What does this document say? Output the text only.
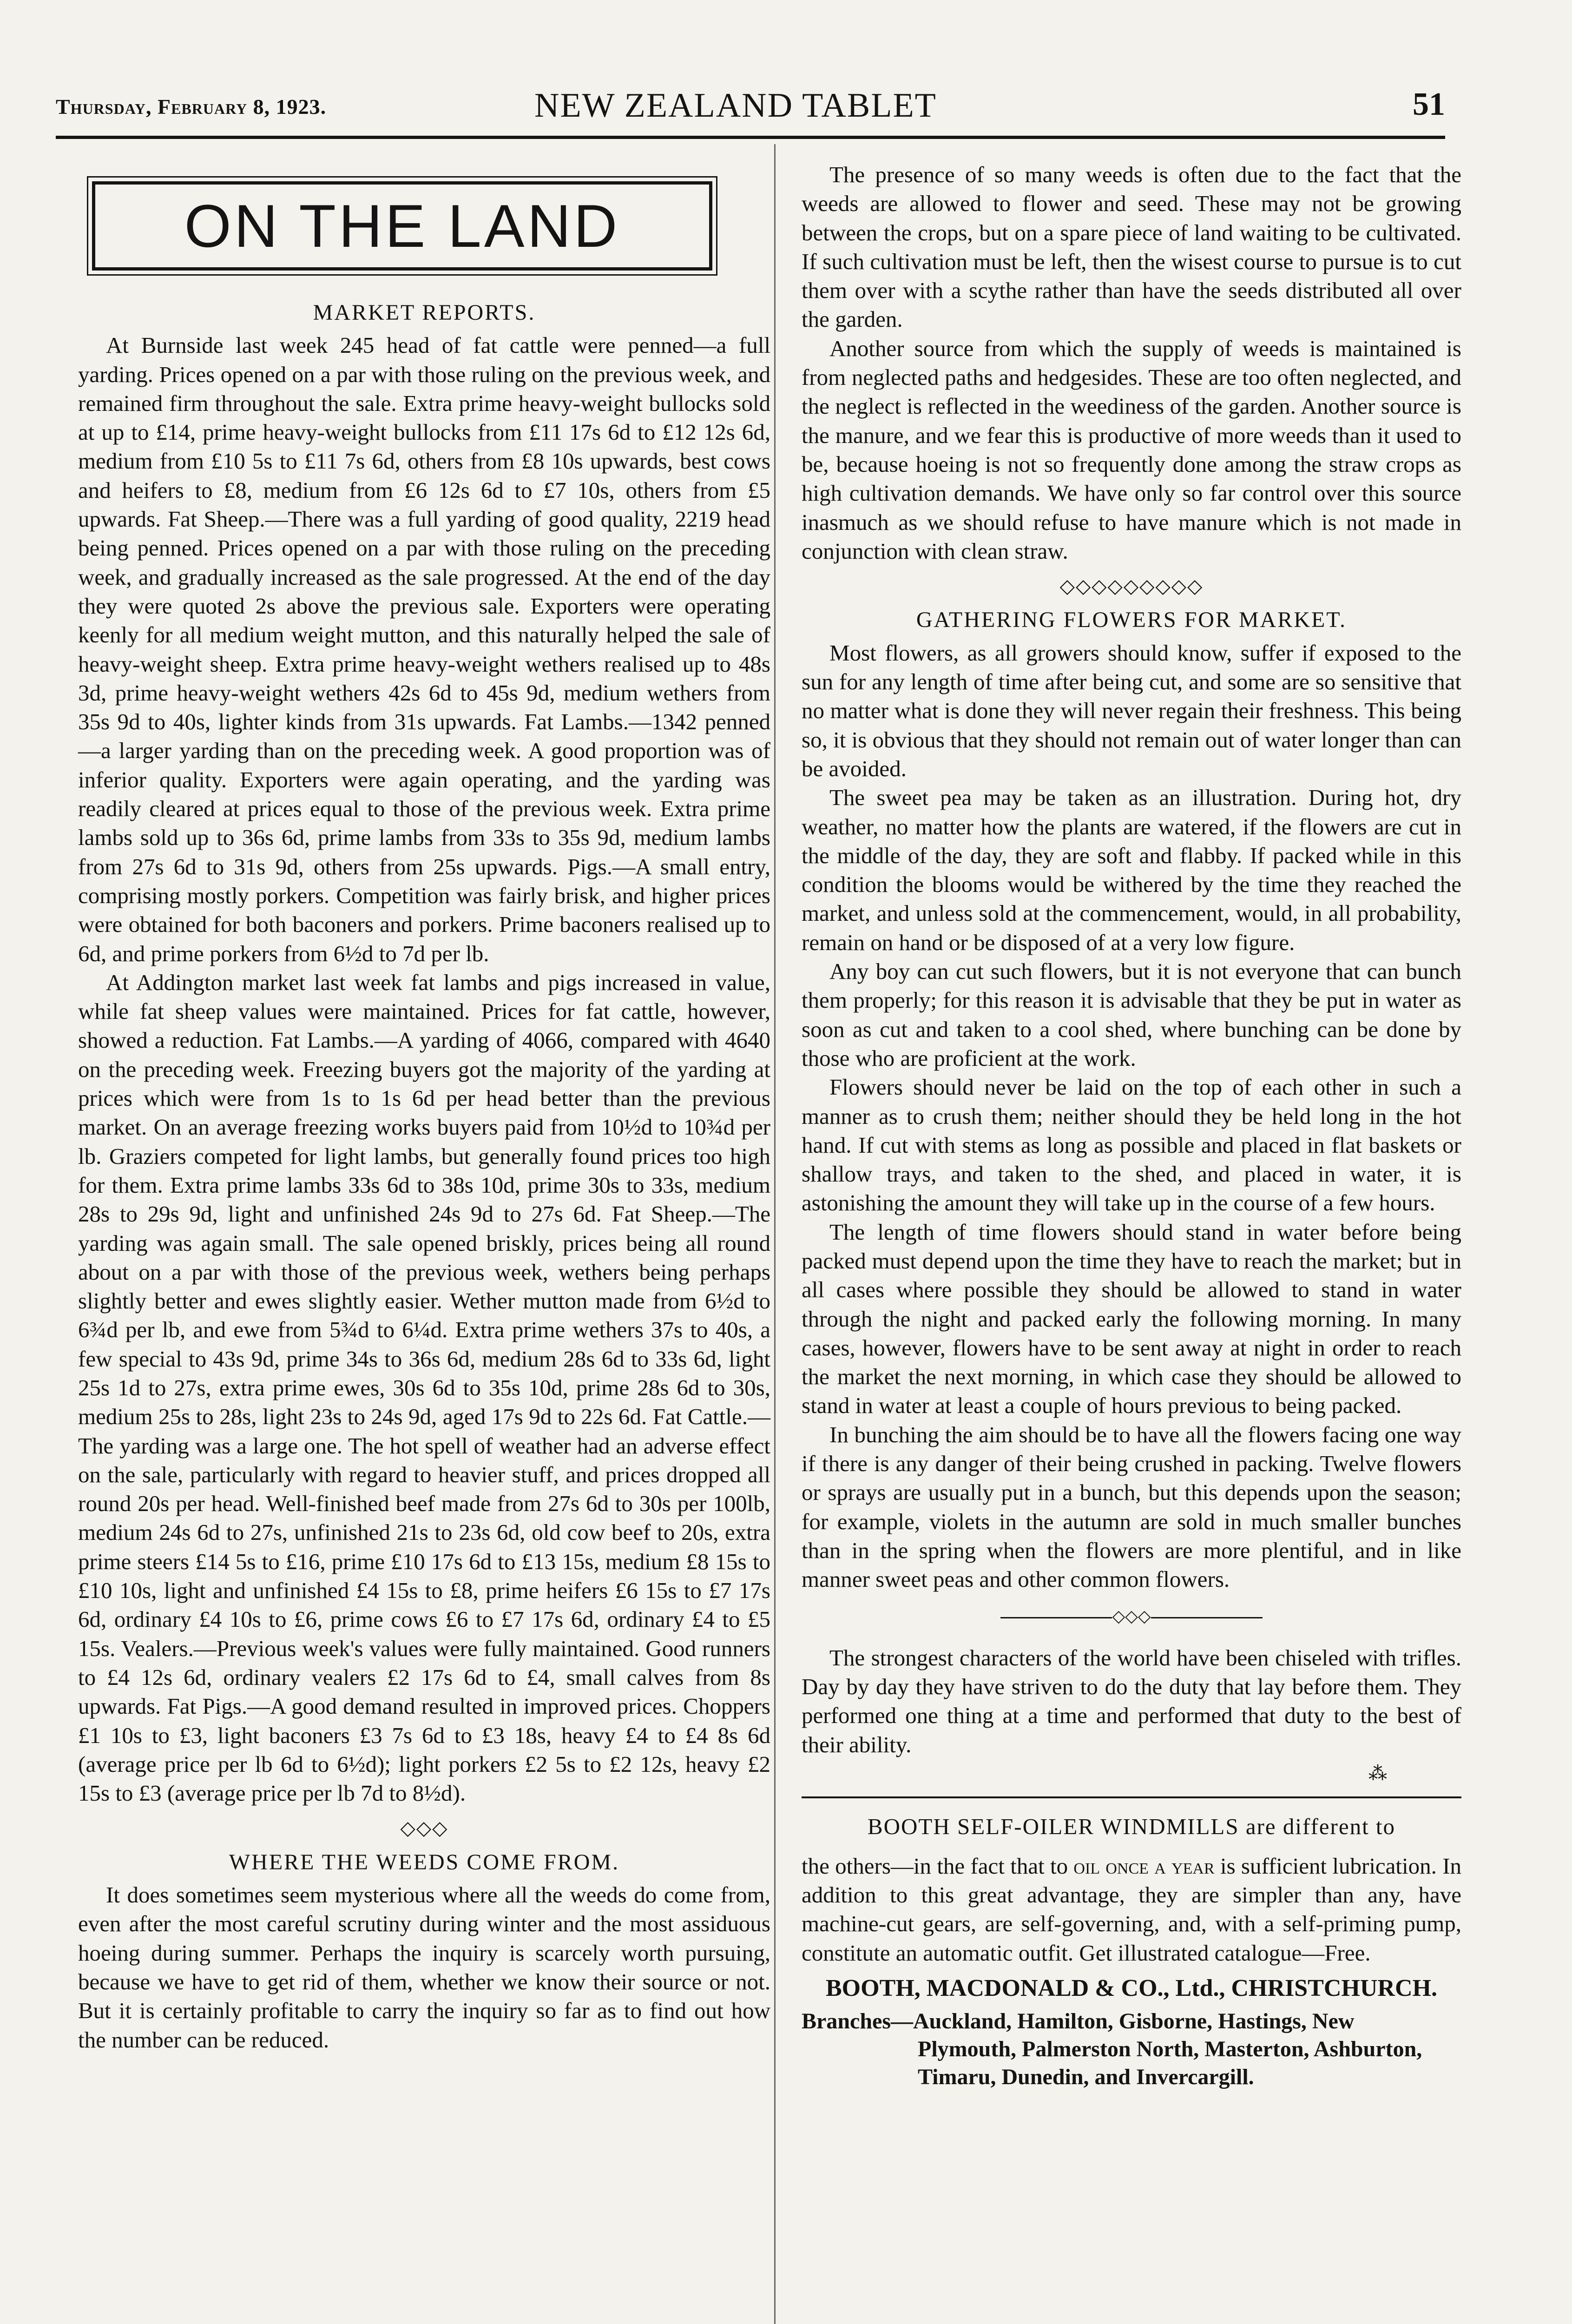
Thursday, February 8, 1923.	NEW ZEALAND TABLET	51
ON THE LAND
MARKET REPORTS.

At Burnside last week 245 head of fat cattle were penned—a full yarding. Prices opened on a par with those ruling on the previous week, and remained firm throughout the sale. Extra prime heavy-weight bullocks sold at up to £14, prime heavy-weight bullocks from £11 17s 6d to £12 12s 6d, medium from £10 5s to £11 7s 6d, others from £8 10s upwards, best cows and heifers to £8, medium from £6 12s 6d to £7 10s, others from £5 upwards. Fat Sheep.—There was a full yarding of good quality, 2219 head being penned. Prices opened on a par with those ruling on the preceding week, and gradually increased as the sale progressed. At the end of the day they were quoted 2s above the previous sale. Exporters were operating keenly for all medium weight mutton, and this naturally helped the sale of heavy-weight sheep. Extra prime heavy-weight wethers realised up to 48s 3d, prime heavy-weight wethers 42s 6d to 45s 9d, medium wethers from 35s 9d to 40s, lighter kinds from 31s upwards. Fat Lambs.—1342 penned—a larger yarding than on the preceding week. A good proportion was of inferior quality. Exporters were again operating, and the yarding was readily cleared at prices equal to those of the previous week. Extra prime lambs sold up to 36s 6d, prime lambs from 33s to 35s 9d, medium lambs from 27s 6d to 31s 9d, others from 25s upwards. Pigs.—A small entry, comprising mostly porkers. Competition was fairly brisk, and higher prices were obtained for both baconers and porkers. Prime baconers realised up to 6d, and prime porkers from 6½d to 7d per lb.

At Addington market last week fat lambs and pigs increased in value, while fat sheep values were maintained. Prices for fat cattle, however, showed a reduction. Fat Lambs.—A yarding of 4066, compared with 4640 on the preceding week. Freezing buyers got the majority of the yarding at prices which were from 1s to 1s 6d per head better than the previous market. On an average freezing works buyers paid from 10½d to 10¾d per lb. Graziers competed for light lambs, but generally found prices too high for them. Extra prime lambs 33s 6d to 38s 10d, prime 30s to 33s, medium 28s to 29s 9d, light and unfinished 24s 9d to 27s 6d. Fat Sheep.—The yarding was again small. The sale opened briskly, prices being all round about on a par with those of the previous week, wethers being perhaps slightly better and ewes slightly easier. Wether mutton made from 6½d to 6¾d per lb, and ewe from 5¾d to 6¼d. Extra prime wethers 37s to 40s, a few special to 43s 9d, prime 34s to 36s 6d, medium 28s 6d to 33s 6d, light 25s 1d to 27s, extra prime ewes, 30s 6d to 35s 10d, prime 28s 6d to 30s, medium 25s to 28s, light 23s to 24s 9d, aged 17s 9d to 22s 6d. Fat Cattle.—The yarding was a large one. The hot spell of weather had an adverse effect on the sale, particularly with regard to heavier stuff, and prices dropped all round 20s per head. Well-finished beef made from 27s 6d to 30s per 100lb, medium 24s 6d to 27s, unfinished 21s to 23s 6d, old cow beef to 20s, extra prime steers £14 5s to £16, prime £10 17s 6d to £13 15s, medium £8 15s to £10 10s, light and unfinished £4 15s to £8, prime heifers £6 15s to £7 17s 6d, ordinary £4 10s to £6, prime cows £6 to £7 17s 6d, ordinary £4 to £5 15s. Vealers.—Previous week's values were fully maintained. Good runners to £4 12s 6d, ordinary vealers £2 17s 6d to £4, small calves from 8s upwards. Fat Pigs.—A good demand resulted in improved prices. Choppers £1 10s to £3, light baconers £3 7s 6d to £3 18s, heavy £4 to £4 8s 6d (average price per lb 6d to 6½d); light porkers £2 5s to £2 12s, heavy £2 15s to £3 (average price per lb 7d to 8½d).

◇◇◇
WHERE THE WEEDS COME FROM.

It does sometimes seem mysterious where all the weeds do come from, even after the most careful scrutiny during winter and the most assiduous hoeing during summer. Perhaps the inquiry is scarcely worth pursuing, because we have to get rid of them, whether we know their source or not. But it is certainly profitable to carry the inquiry so far as to find out how the number can be reduced.

The presence of so many weeds is often due to the fact that the weeds are allowed to flower and seed. These may not be growing between the crops, but on a spare piece of land waiting to be cultivated. If such cultivation must be left, then the wisest course to pursue is to cut them over with a scythe rather than have the seeds distributed all over the garden.

Another source from which the supply of weeds is maintained is from neglected paths and hedgesides. These are too often neglected, and the neglect is reflected in the weediness of the garden. Another source is the manure, and we fear this is productive of more weeds than it used to be, because hoeing is not so frequently done among the straw crops as high cultivation demands. We have only so far control over this source inasmuch as we should refuse to have manure which is not made in conjunction with clean straw.

◇◇◇◇◇◇◇◇◇
GATHERING FLOWERS FOR MARKET.

Most flowers, as all growers should know, suffer if exposed to the sun for any length of time after being cut, and some are so sensitive that no matter what is done they will never regain their freshness. This being so, it is obvious that they should not remain out of water longer than can be avoided.

The sweet pea may be taken as an illustration. During hot, dry weather, no matter how the plants are watered, if the flowers are cut in the middle of the day, they are soft and flabby. If packed while in this condition the blooms would be withered by the time they reached the market, and unless sold at the commencement, would, in all probability, remain on hand or be disposed of at a very low figure.

Any boy can cut such flowers, but it is not everyone that can bunch them properly; for this reason it is advisable that they be put in water as soon as cut and taken to a cool shed, where bunching can be done by those who are proficient at the work.

Flowers should never be laid on the top of each other in such a manner as to crush them; neither should they be held long in the hot hand. If cut with stems as long as possible and placed in flat baskets or shallow trays, and taken to the shed, and placed in water, it is astonishing the amount they will take up in the course of a few hours.

The length of time flowers should stand in water before being packed must depend upon the time they have to reach the market; but in all cases where possible they should be allowed to stand in water through the night and packed early the following morning. In many cases, however, flowers have to be sent away at night in order to reach the market the next morning, in which case they should be allowed to stand in water at least a couple of hours previous to being packed.

In bunching the aim should be to have all the flowers facing one way if there is any danger of their being crushed in packing. Twelve flowers or sprays are usually put in a bunch, but this depends upon the season; for example, violets in the autumn are sold in much smaller bunches than in the spring when the flowers are more plentiful, and in like manner sweet peas and other common flowers.

◇◇◇

The strongest characters of the world have been chiseled with trifles. Day by day they have striven to do the duty that lay before them. They performed one thing at a time and performed that duty to the best of their ability.

⁂
BOOTH SELF-OILER WINDMILLS are different to

the others—in the fact that to oil once a year is sufficient lubrication. In addition to this great advantage, they are simpler than any, have machine-cut gears, are self-governing, and, with a self-priming pump, constitute an automatic outfit. Get illustrated catalogue—Free.

BOOTH, MACDONALD & CO., Ltd., CHRISTCHURCH.
Branches—Auckland, Hamilton, Gisborne, Hastings, New
Plymouth, Palmerston North, Masterton, Ashburton, Timaru, Dunedin, and Invercargill.
